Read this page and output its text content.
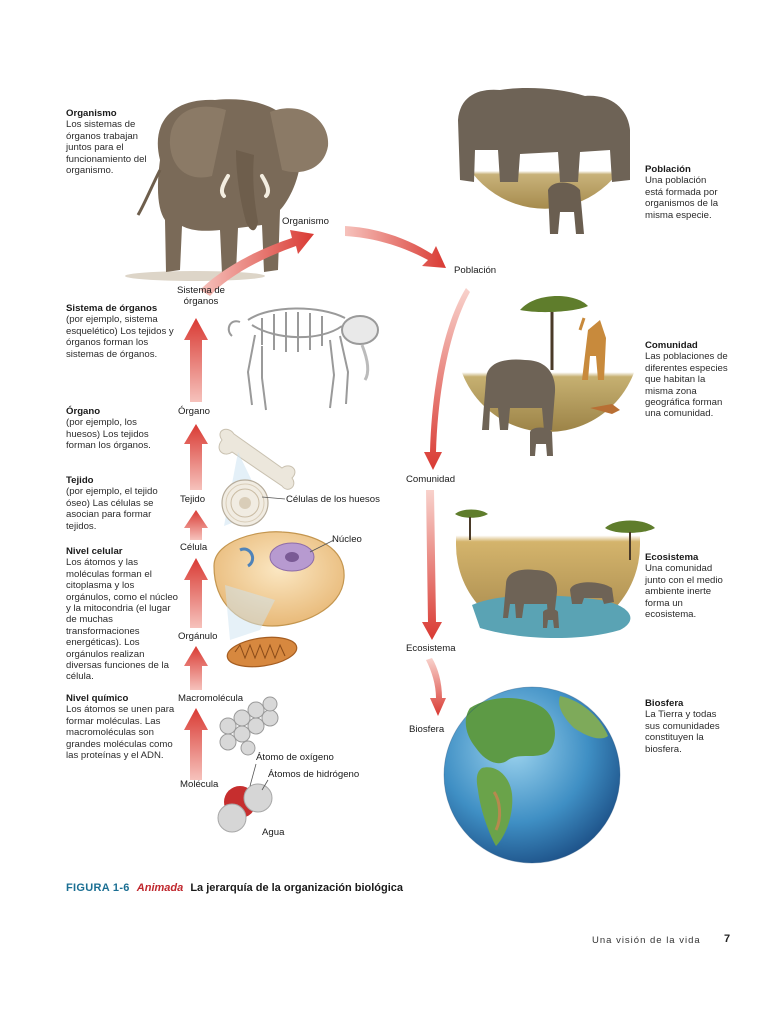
Organismo
Los sistemas de órganos trabajan juntos para el funcionamiento del organismo.
Sistema de órganos
(por ejemplo, sistema esquelético) Los tejidos y órganos forman los sistemas de órganos.
Órgano
(por ejemplo, los huesos) Los tejidos forman los órganos.
Tejido
(por ejemplo, el tejido óseo) Las células se asocian para formar tejidos.
Nivel celular
Los átomos y las moléculas forman el citoplasma y los orgánulos, como el núcleo y la mitocondria (el lugar de muchas transformaciones energéticas). Los orgánulos realizan diversas funciones de la célula.
Nivel químico
Los átomos se unen para formar moléculas. Las macromoléculas son grandes moléculas como las proteínas y el ADN.
Población
Una población está formada por organismos de la misma especie.
Comunidad
Las poblaciones de diferentes especies que habitan la misma zona geográfica forman una comunidad.
Ecosistema
Una comunidad junto con el medio ambiente inerte forma un ecosistema.
Biosfera
La Tierra y todas sus comunidades constituyen la biosfera.
Molécula
Macromolécula
Orgánulo
Célula
Tejido
Órgano
Sistema de
órganos
Organismo
Población
Comunidad
Ecosistema
Biosfera
Células de los huesos
Núcleo
Átomo de oxígeno
Átomos de hidrógeno
Agua
FIGURA 1-6 Animada La jerarquía de la organización biológica
Una visión de la vida 7
